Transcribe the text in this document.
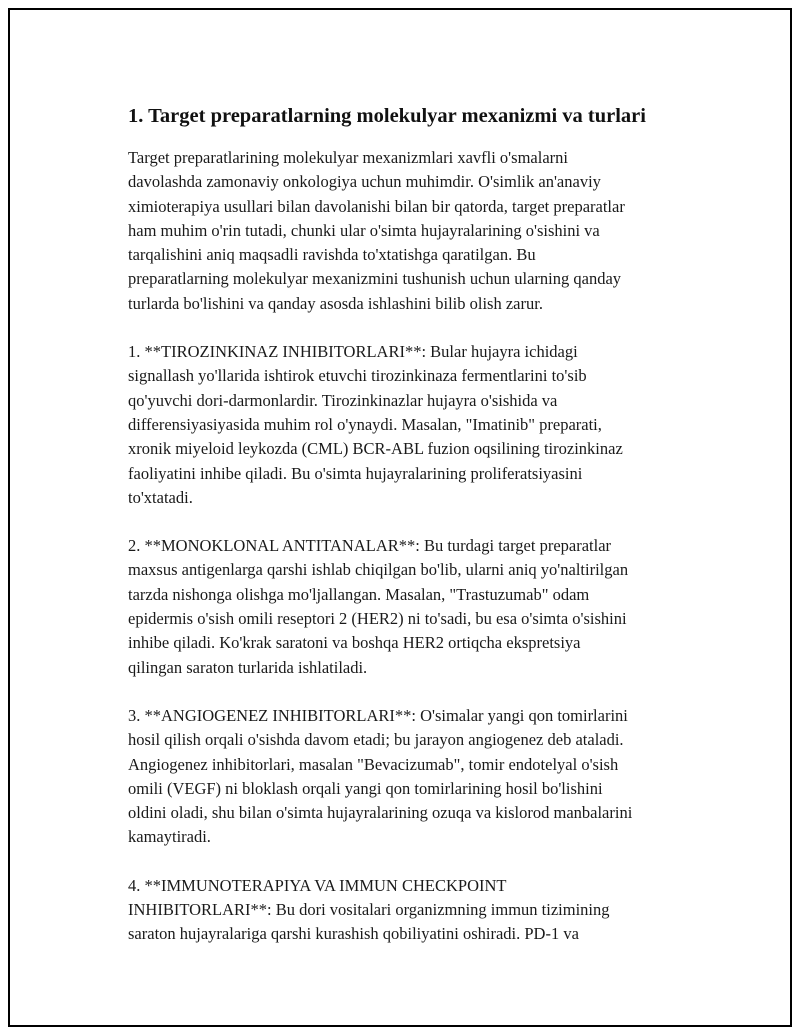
1. Target preparatlarning molekulyar mexanizmi va turlari

Target preparatlarining molekulyar mexanizmlari xavfli o'smalarni
davolashda zamonaviy onkologiya uchun muhimdir. O'simlik an'anaviy
ximioterapiya usullari bilan davolanishi bilan bir qatorda, target preparatlar
ham muhim o'rin tutadi, chunki ular o'simta hujayralarining o'sishini va
tarqalishini aniq maqsadli ravishda to'xtatishga qaratilgan. Bu
preparatlarning molekulyar mexanizmini tushunish uchun ularning qanday
turlarda bo'lishini va qanday asosda ishlashini bilib olish zarur.

1. **TIROZINKINAZ INHIBITORLARI**: Bular hujayra ichidagi
signallash yo'llarida ishtirok etuvchi tirozinkinaza fermentlarini to'sib
qo'yuvchi dori-darmonlardir. Tirozinkinazlar hujayra o'sishida va
differensiyasiyasida muhim rol o'ynaydi. Masalan, "Imatinib" preparati,
xronik miyeloid leykozda (CML) BCR-ABL fuzion oqsilining tirozinkinaz
faoliyatini inhibe qiladi. Bu o'simta hujayralarining proliferatsiyasini
to'xtatadi.

2. **MONOKLONAL ANTITANALAR**: Bu turdagi target preparatlar
maxsus antigenlarga qarshi ishlab chiqilgan bo'lib, ularni aniq yo'naltirilgan
tarzda nishonga olishga mo'ljallangan. Masalan, "Trastuzumab" odam
epidermis o'sish omili reseptori 2 (HER2) ni to'sadi, bu esa o'simta o'sishini
inhibe qiladi. Ko'krak saratoni va boshqa HER2 ortiqcha ekspretsiya
qilingan saraton turlarida ishlatiladi.

3. **ANGIOGENEZ INHIBITORLARI**: O'simalar yangi qon tomirlarini
hosil qilish orqali o'sishda davom etadi; bu jarayon angiogenez deb ataladi.
Angiogenez inhibitorlari, masalan "Bevacizumab", tomir endotelyal o'sish
omili (VEGF) ni bloklash orqali yangi qon tomirlarining hosil bo'lishini
oldini oladi, shu bilan o'simta hujayralarining ozuqa va kislorod manbalarini
kamaytiradi.

4. **IMMUNOTERAPIYA VA IMMUN CHECKPOINT
INHIBITORLARI**: Bu dori vositalari organizmning immun tizimining
saraton hujayralariga qarshi kurashish qobiliyatini oshiradi. PD-1 va
